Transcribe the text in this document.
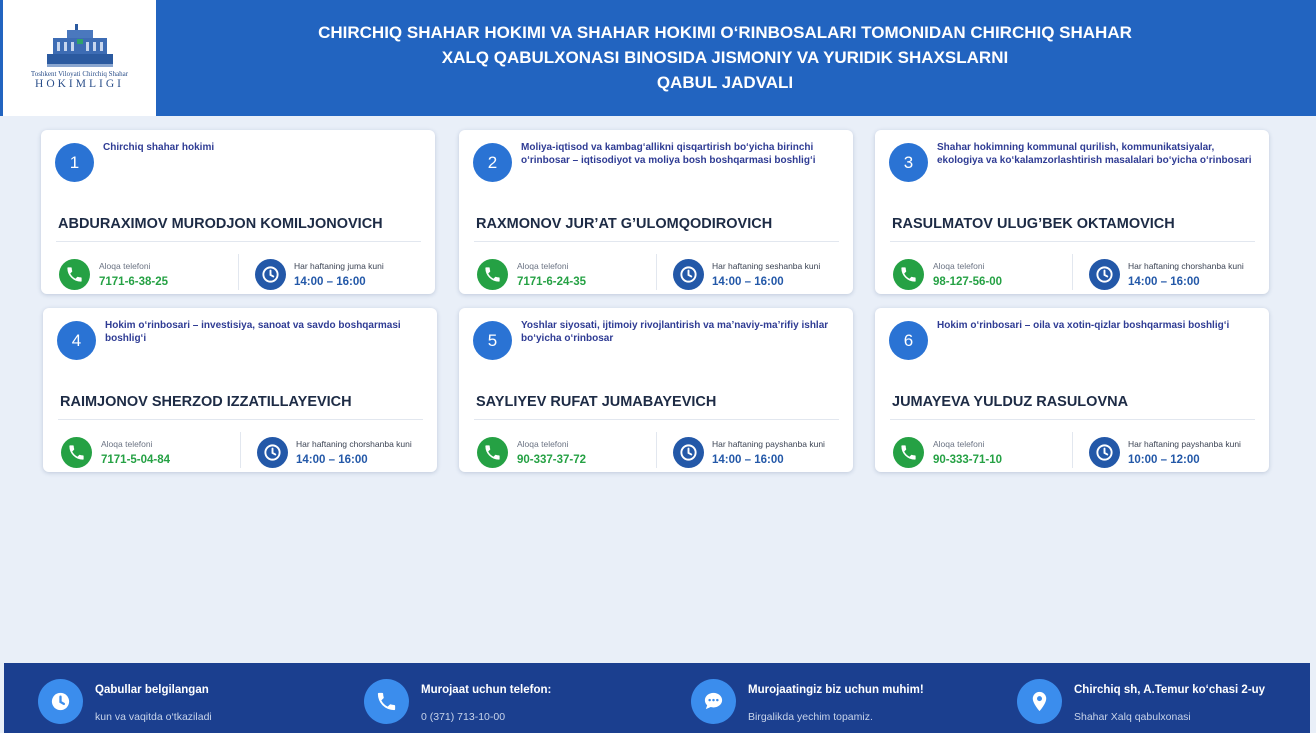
Toshkent Viloyati Chirchiq Shahar
HOKIMLIGI
CHIRCHIQ SHAHAR HOKIMI VA SHAHAR HOKIMI O‘RINBOSALARI TOMONIDAN CHIRCHIQ SHAHAR
XALQ QABULXONASI BINOSIDA JISMONIY VA YURIDIK SHAXSLARNI
QABUL JADVALI
1
Chirchiq shahar hokimi
ABDURAXIMOV MURODJON KOMILJONOVICH
Aloqa telefoni
7171-6-38-25
Har haftaning juma kuni
14:00 – 16:00
2
Moliya-iqtisod va kambag‘allikni qisqartirish bo‘yicha birinchi o‘rinbosar – iqtisodiyot va moliya bosh boshqarmasi boshlig‘i
RAXMONOV JUR’AT G’ULOMQODIROVICH
Aloqa telefoni
7171-6-24-35
Har haftaning seshanba kuni
14:00 – 16:00
3
Shahar hokimning kommunal qurilish, kommunikatsiyalar, ekologiya va ko‘kalamzorlashtirish masalalari bo‘yicha o‘rinbosari
RASULMATOV ULUG’BEK OKTAMOVICH
Aloqa telefoni
98-127-56-00
Har haftaning chorshanba kuni
14:00 – 16:00
4
Hokim o‘rinbosari – investisiya, sanoat va savdo boshqarmasi boshlig‘i
RAIMJONOV SHERZOD IZZATILLAYEVICH
Aloqa telefoni
7171-5-04-84
Har haftaning chorshanba kuni
14:00 – 16:00
5
Yoshlar siyosati, ijtimoiy rivojlantirish va ma’naviy-ma’rifiy ishlar bo‘yicha o‘rinbosar
SAYLIYEV RUFAT JUMABAYEVICH
Aloqa telefoni
90-337-37-72
Har haftaning payshanba kuni
14:00 – 16:00
6
Hokim o‘rinbosari – oila va xotin-qizlar boshqarmasi boshlig‘i
JUMAYEVA YULDUZ RASULOVNA
Aloqa telefoni
90-333-71-10
Har haftaning payshanba kuni
10:00 – 12:00
Qabullar belgilangan
kun va vaqitda o‘tkaziladi
Murojaat uchun telefon:
0 (371) 713-10-00
Murojaatingiz biz uchun muhim!
Birgalikda yechim topamiz.
Chirchiq sh, A.Temur ko‘chasi 2-uy
Shahar Xalq qabulxonasi
